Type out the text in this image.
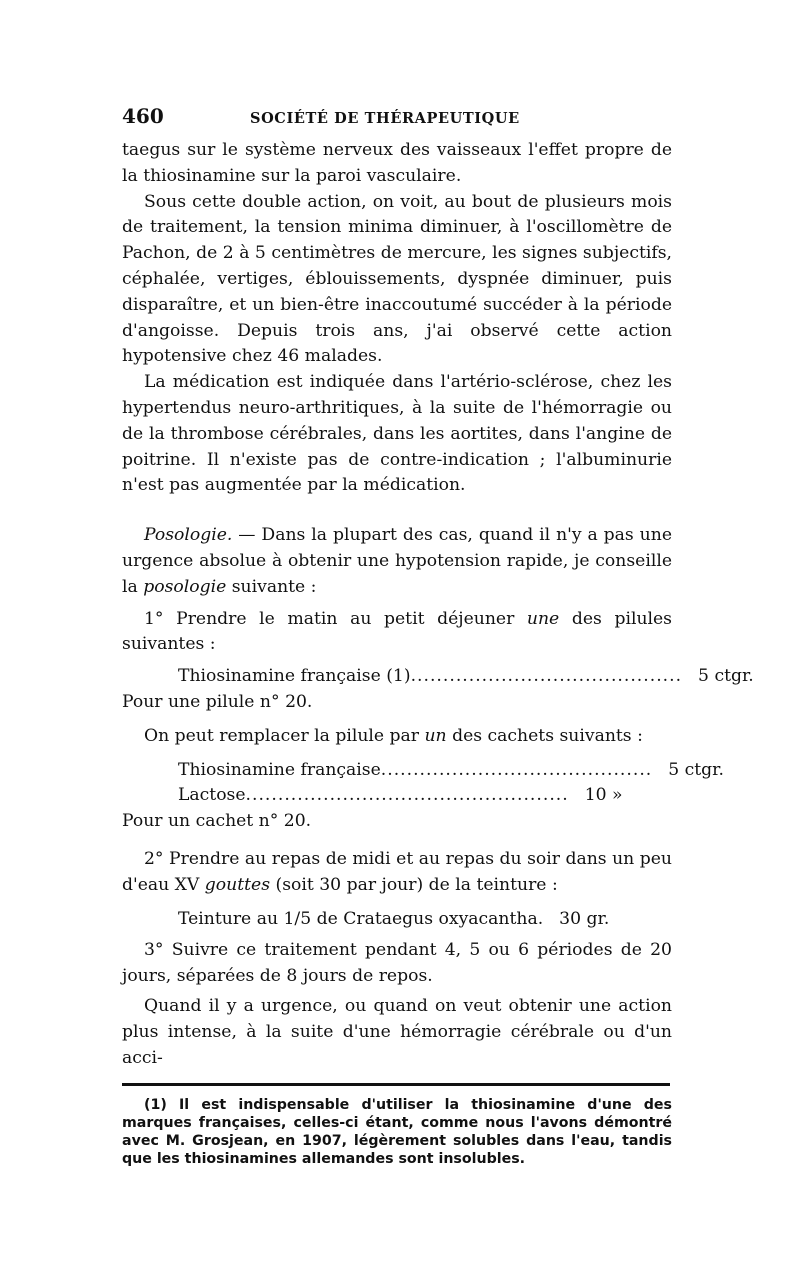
460	SOCIÉTÉ DE THÉRAPEUTIQUE

taegus sur le système nerveux des vaisseaux l'effet propre de la thiosinamine sur la paroi vasculaire.

Sous cette double action, on voit, au bout de plusieurs mois de traitement, la tension minima diminuer, à l'oscillomètre de Pachon, de 2 à 5 centimètres de mercure, les signes subjectifs, céphalée, vertiges, éblouissements, dyspnée diminuer, puis disparaître, et un bien-être inaccoutumé succéder à la période d'angoisse. Depuis trois ans, j'ai observé cette action hypotensive chez 46 malades.

La médication est indiquée dans l'artério-sclérose, chez les hypertendus neuro-arthritiques, à la suite de l'hémorragie ou de la thrombose cérébrales, dans les aortites, dans l'angine de poitrine. Il n'existe pas de contre-indication ; l'albuminurie n'est pas augmentée par la médication.

Posologie. — Dans la plupart des cas, quand il n'y a pas une urgence absolue à obtenir une hypotension rapide, je conseille la posologie suivante :

1° Prendre le matin au petit déjeuner une des pilules suivantes :

Thiosinamine française (1) .......................................... 5 ctgr.
Pour une pilule n° 20.

On peut remplacer la pilule par un des cachets suivants :

Thiosinamine française .......................................... 5 ctgr.
Lactose .................................................. 10 »
Pour un cachet n° 20.

2° Prendre au repas de midi et au repas du soir dans un peu d'eau XV gouttes (soit 30 par jour) de la teinture :

Teinture au 1/5 de Crataegus oxyacantha. 30 gr.

3° Suivre ce traitement pendant 4, 5 ou 6 périodes de 20 jours, séparées de 8 jours de repos.

Quand il y a urgence, ou quand on veut obtenir une action plus intense, à la suite d'une hémorragie cérébrale ou d'un acci-

(1) Il est indispensable d'utiliser la thiosinamine d'une des marques françaises, celles-ci étant, comme nous l'avons démontré avec M. Grosjean, en 1907, légèrement solubles dans l'eau, tandis que les thiosinamines allemandes sont insolubles.
